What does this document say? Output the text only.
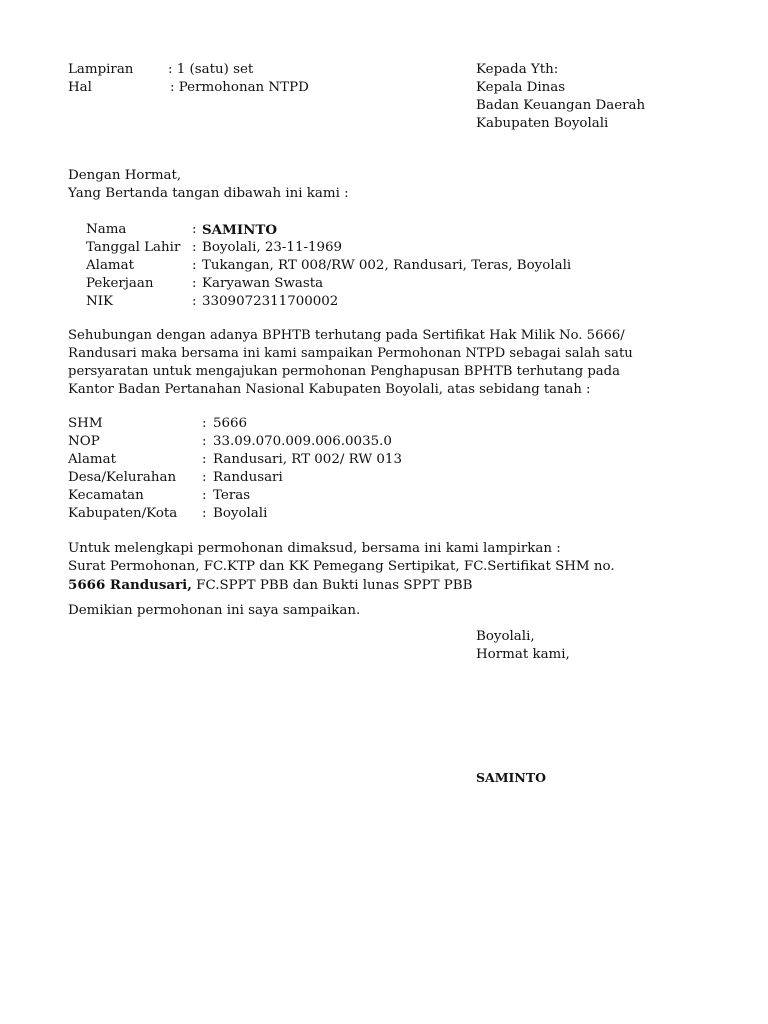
Lampiran	: 1 (satu) set
Hal	: Permohonan NTPD
Kepada Yth:
Kepala Dinas
Badan Keuangan Daerah
Kabupaten Boyolali
Dengan Hormat,
Yang Bertanda tangan dibawah ini kami :
Nama	: SAMINTO
Tanggal Lahir : Boyolali, 23-11-1969
Alamat	: Tukangan, RT 008/RW 002, Randusari, Teras, Boyolali
Pekerjaan	: Karyawan Swasta
NIK	: 3309072311700002
Sehubungan dengan adanya BPHTB terhutang pada Sertifikat Hak Milik No. 5666/
Randusari maka bersama ini kami sampaikan Permohonan NTPD sebagai salah satu
persyaratan untuk mengajukan permohonan Penghapusan BPHTB terhutang pada
Kantor Badan Pertanahan Nasional Kabupaten Boyolali, atas sebidang tanah :
SHM	: 5666
NOP	: 33.09.070.009.006.0035.0
Alamat	: Randusari, RT 002/ RW 013
Desa/Kelurahan : Randusari
Kecamatan	: Teras
Kabupaten/Kota : Boyolali
Untuk melengkapi permohonan dimaksud, bersama ini kami lampirkan :
Surat Permohonan, FC.KTP dan KK Pemegang Sertipikat, FC.Sertifikat SHM no.
5666 Randusari, FC.SPPT PBB dan Bukti lunas SPPT PBB
Demikian permohonan ini saya sampaikan.
Boyolali,
Hormat kami,
SAMINTO
